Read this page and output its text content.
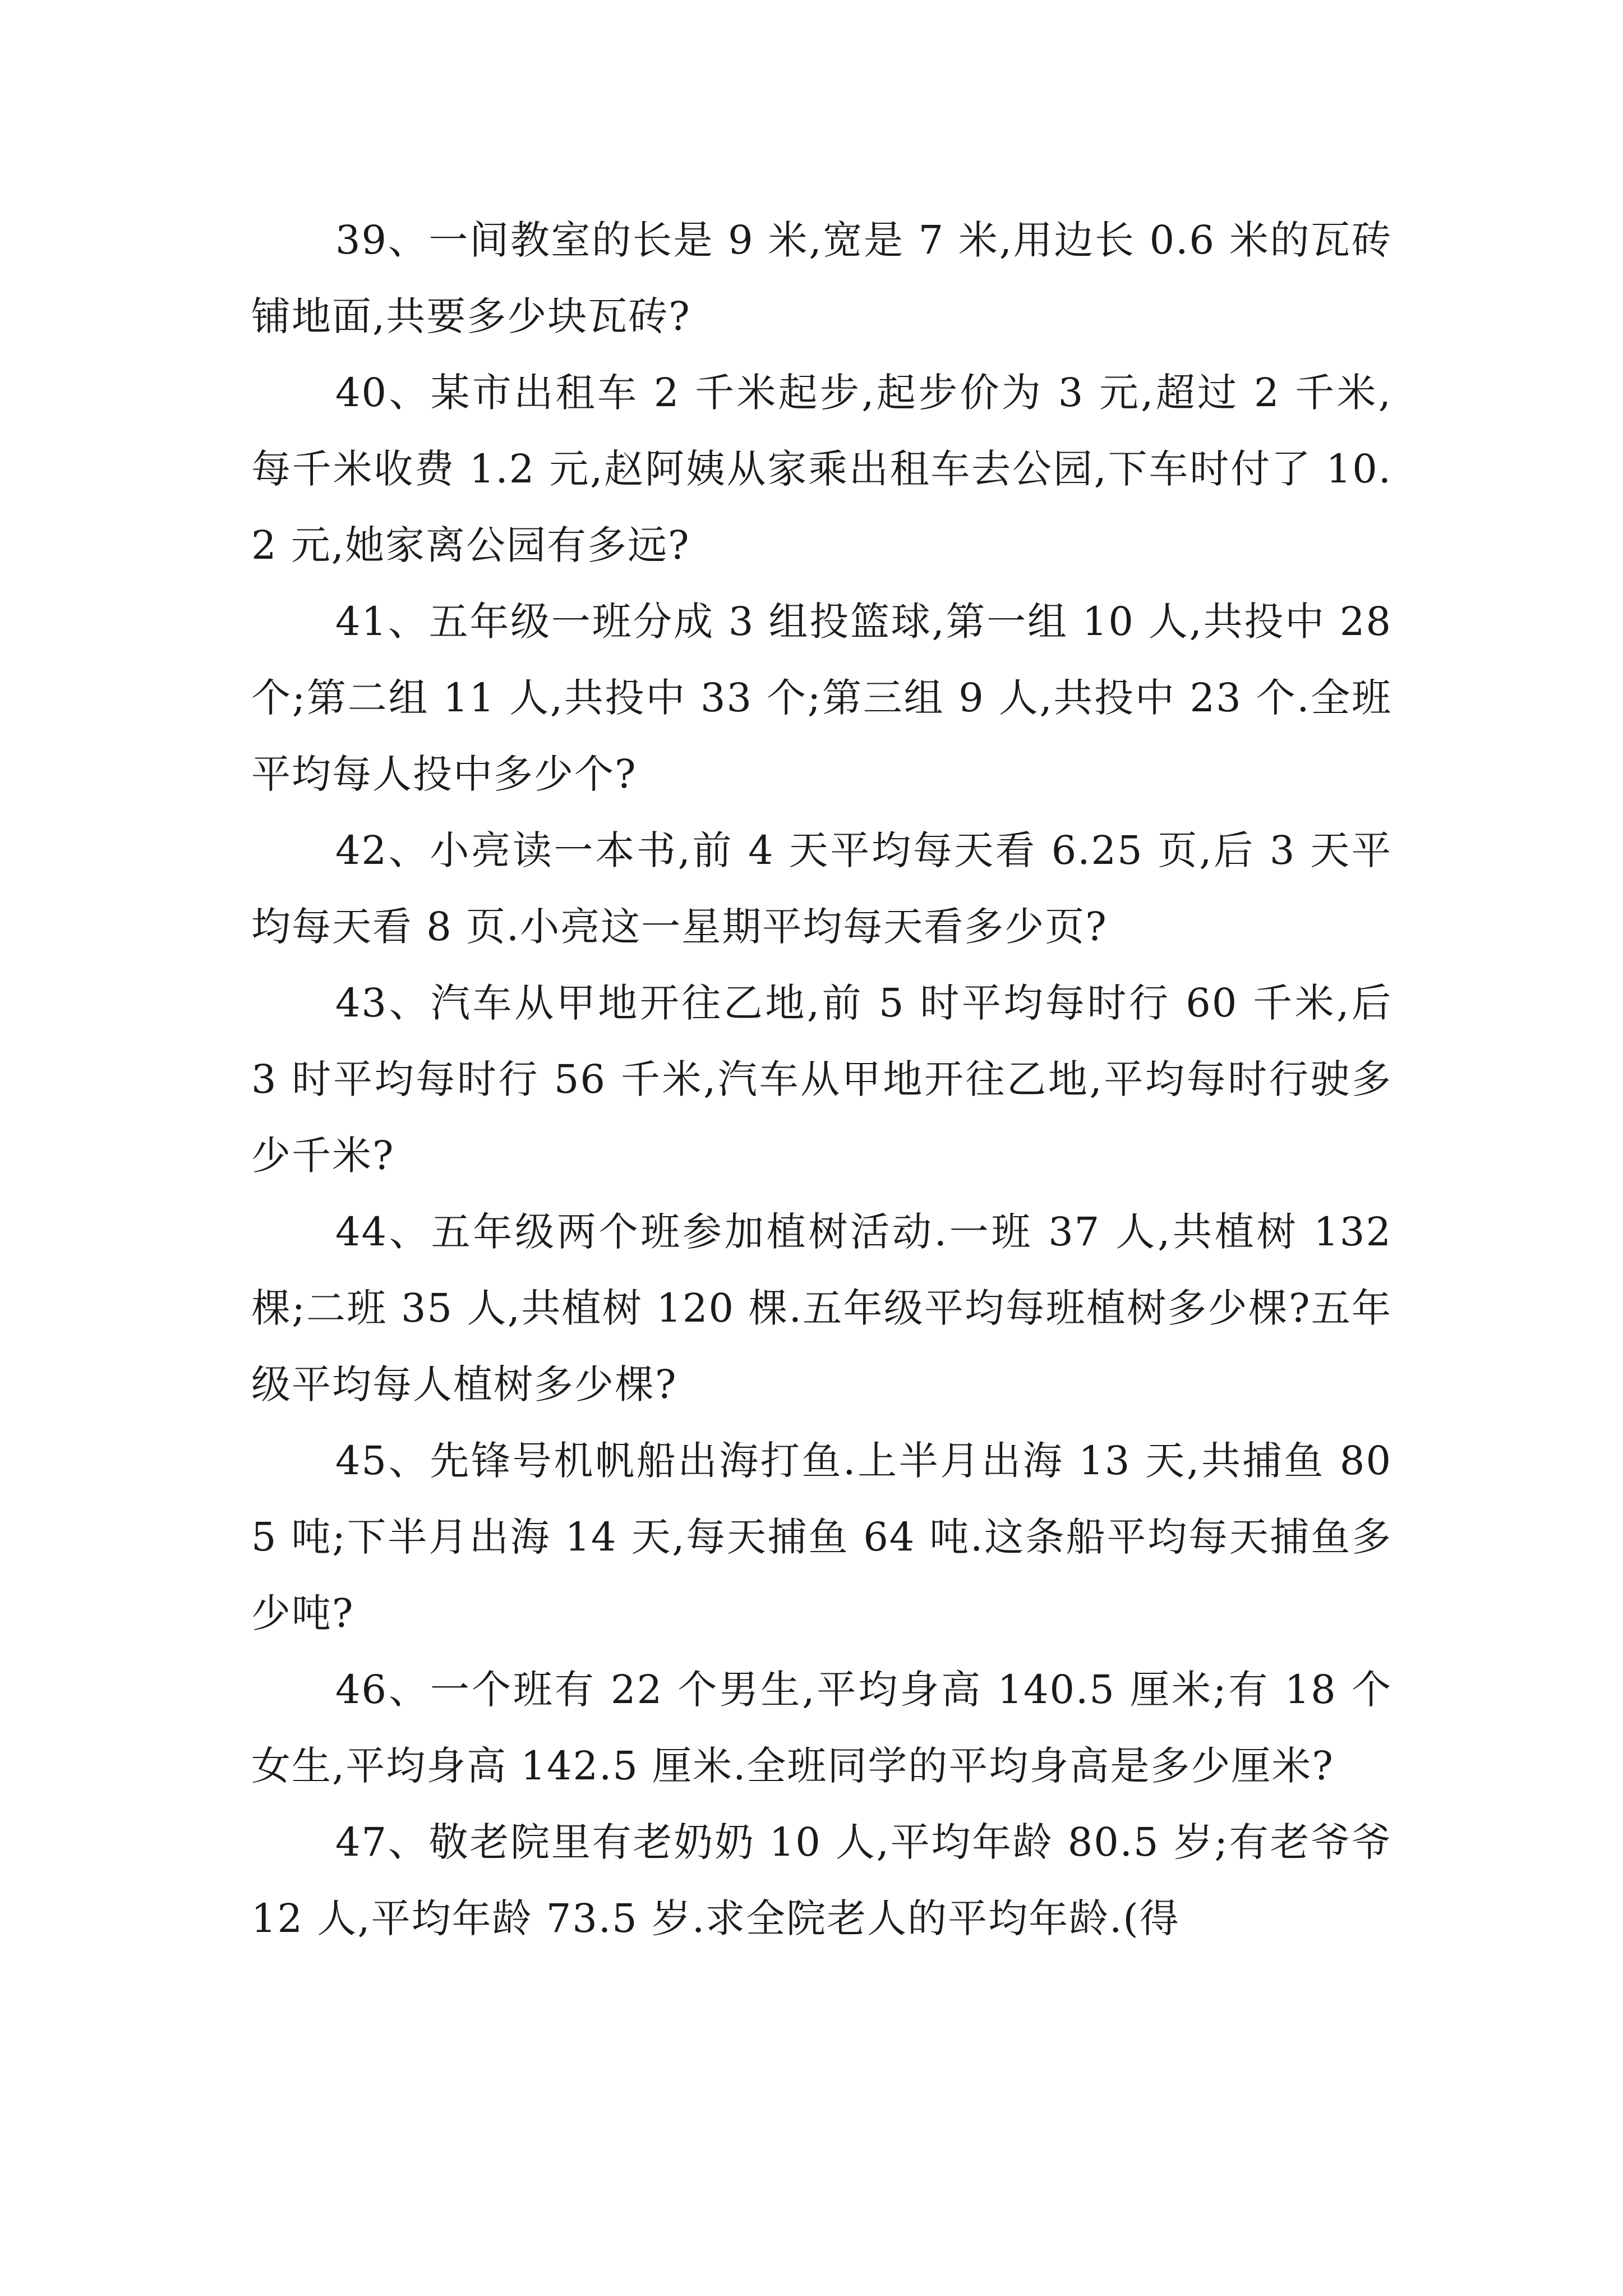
39、一间教室的长是 9 米,宽是 7 米,用边长 0.6 米的瓦砖铺地面,共要多少块瓦砖?

40、某市出租车 2 千米起步,起步价为 3 元,超过 2 千米,每千米收费 1.2 元,赵阿姨从家乘出租车去公园,下车时付了 10.2 元,她家离公园有多远?

41、五年级一班分成 3 组投篮球,第一组 10 人,共投中 28 个;第二组 11 人,共投中 33 个;第三组 9 人,共投中 23 个.全班平均每人投中多少个?

42、小亮读一本书,前 4 天平均每天看 6.25 页,后 3 天平均每天看 8 页.小亮这一星期平均每天看多少页?

43、汽车从甲地开往乙地,前 5 时平均每时行 60 千米,后 3 时平均每时行 56 千米,汽车从甲地开往乙地,平均每时行驶多少千米?

44、五年级两个班参加植树活动.一班 37 人,共植树 132 棵;二班 35 人,共植树 120 棵.五年级平均每班植树多少棵?五年级平均每人植树多少棵?

45、先锋号机帆船出海打鱼.上半月出海 13 天,共捕鱼 805 吨;下半月出海 14 天,每天捕鱼 64 吨.这条船平均每天捕鱼多少吨?

46、一个班有 22 个男生,平均身高 140.5 厘米;有 18 个女生,平均身高 142.5 厘米.全班同学的平均身高是多少厘米?

47、敬老院里有老奶奶 10 人,平均年龄 80.5 岁;有老爷爷 12 人,平均年龄 73.5 岁.求全院老人的平均年龄.(得
